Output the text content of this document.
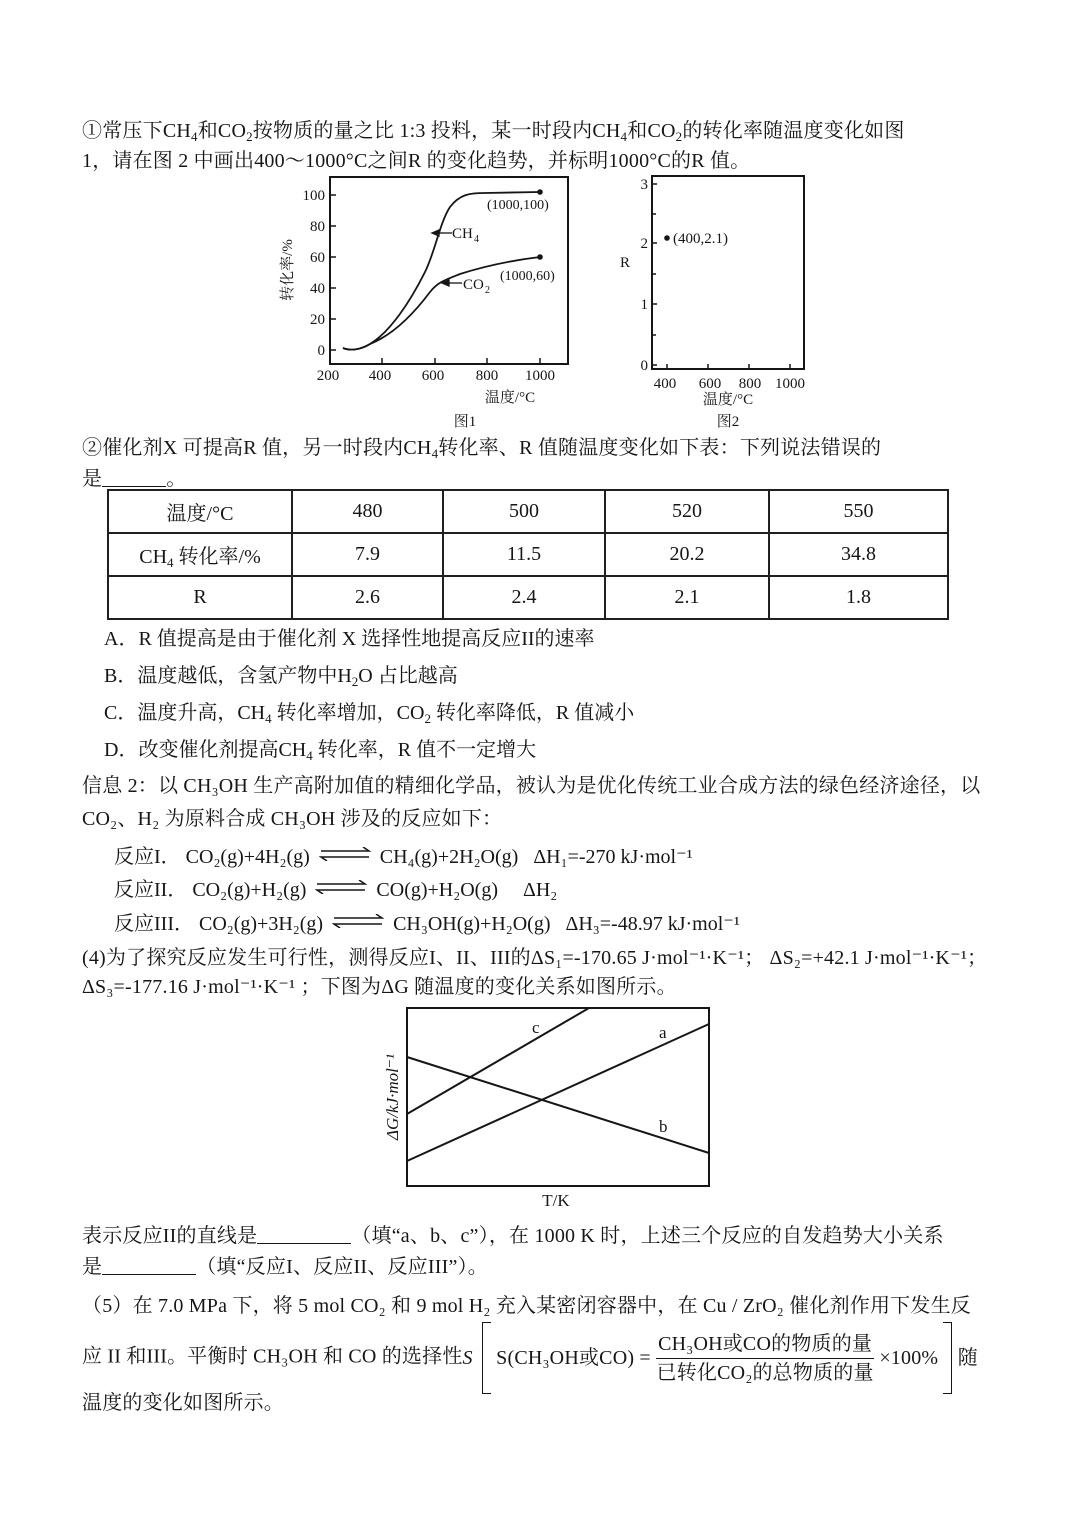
①常压下$CH_4$和$CO_2$按物质的量之比 1:3 投料，某一时段内$CH_4$和$CO_2$的转化率随温度变化如图
1，请在图 2 中画出400～1000°C之间R 的变化趋势，并标明1000°C的R 值。
0
20
40
60
80
100
200 400 600 800 1000
温度/°C
图1
转化率/%
(1000,100)
(1000,60)
CH 4
CO 2
0
1
2
3
400 600 800 1000
R
温度/°C
图2
(400,2.1)
②催化剂X 可提高R 值，另一时段内$CH_4$转化率、R 值随温度变化如下表：下列说法错误的
是	。
温度/°C	480	500	520	550
$CH_4$ 转化率/%	7.9	11.5	20.2	34.8
R	2.6	2.4	2.1	1.8
A．R 值提高是由于催化剂 X 选择性地提高反应II的速率
B．温度越低，含氢产物中$H_2O$ 占比越高
C．温度升高，$CH_4$ 转化率增加，$CO_2$ 转化率降低，R 值减小
D．改变催化剂提高$CH_4$ 转化率，R 值不一定增大
信息 2：以 CH₃OH 生产高附加值的精细化学品，被认为是优化传统工业合成方法的绿色经济途径，以
CO₂、H₂ 为原料合成 CH₃OH 涉及的反应如下：
反应I． CO₂(g)+4H₂(g) ⇌ CH₄(g)+2H₂O(g) ΔH₁=-270 kJ·mol⁻¹
反应II． CO₂(g)+H₂(g) ⇌ CO(g)+H₂O(g) ΔH₂
反应III． CO₂(g)+3H₂(g) ⇌ CH₃OH(g)+H₂O(g) ΔH₃=-48.97 kJ·mol⁻¹
(4)为了探究反应发生可行性，测得反应I、II、III的ΔS₁=-170.65 J·mol⁻¹·K⁻¹； ΔS₂=+42.1 J·mol⁻¹·K⁻¹；
ΔS₃=-177.16 J·mol⁻¹·K⁻¹ ；下图为ΔG 随温度的变化关系如图所示。
c	a
b
T/K
ΔG/kJ·mol⁻¹
表示反应II的直线是	（填“a、b、c”），在 1000 K 时，上述三个反应的自发趋势大小关系
是	（填“反应I、反应II、反应III”）。
（5）在 7.0 MPa 下，将 5 mol CO₂ 和 9 mol H₂ 充入某密闭容器中，在 Cu / ZrO₂ 催化剂作用下发生反
应 II 和III。平衡时 CH₃OH 和 CO 的选择性S S(CH₃OH或$CO) = \frac{\text{CH₃OH或CO的物质的量}}{\text{已转化CO₂的总物质的量}} \times 100\%$ 随
温度的变化如图所示。
